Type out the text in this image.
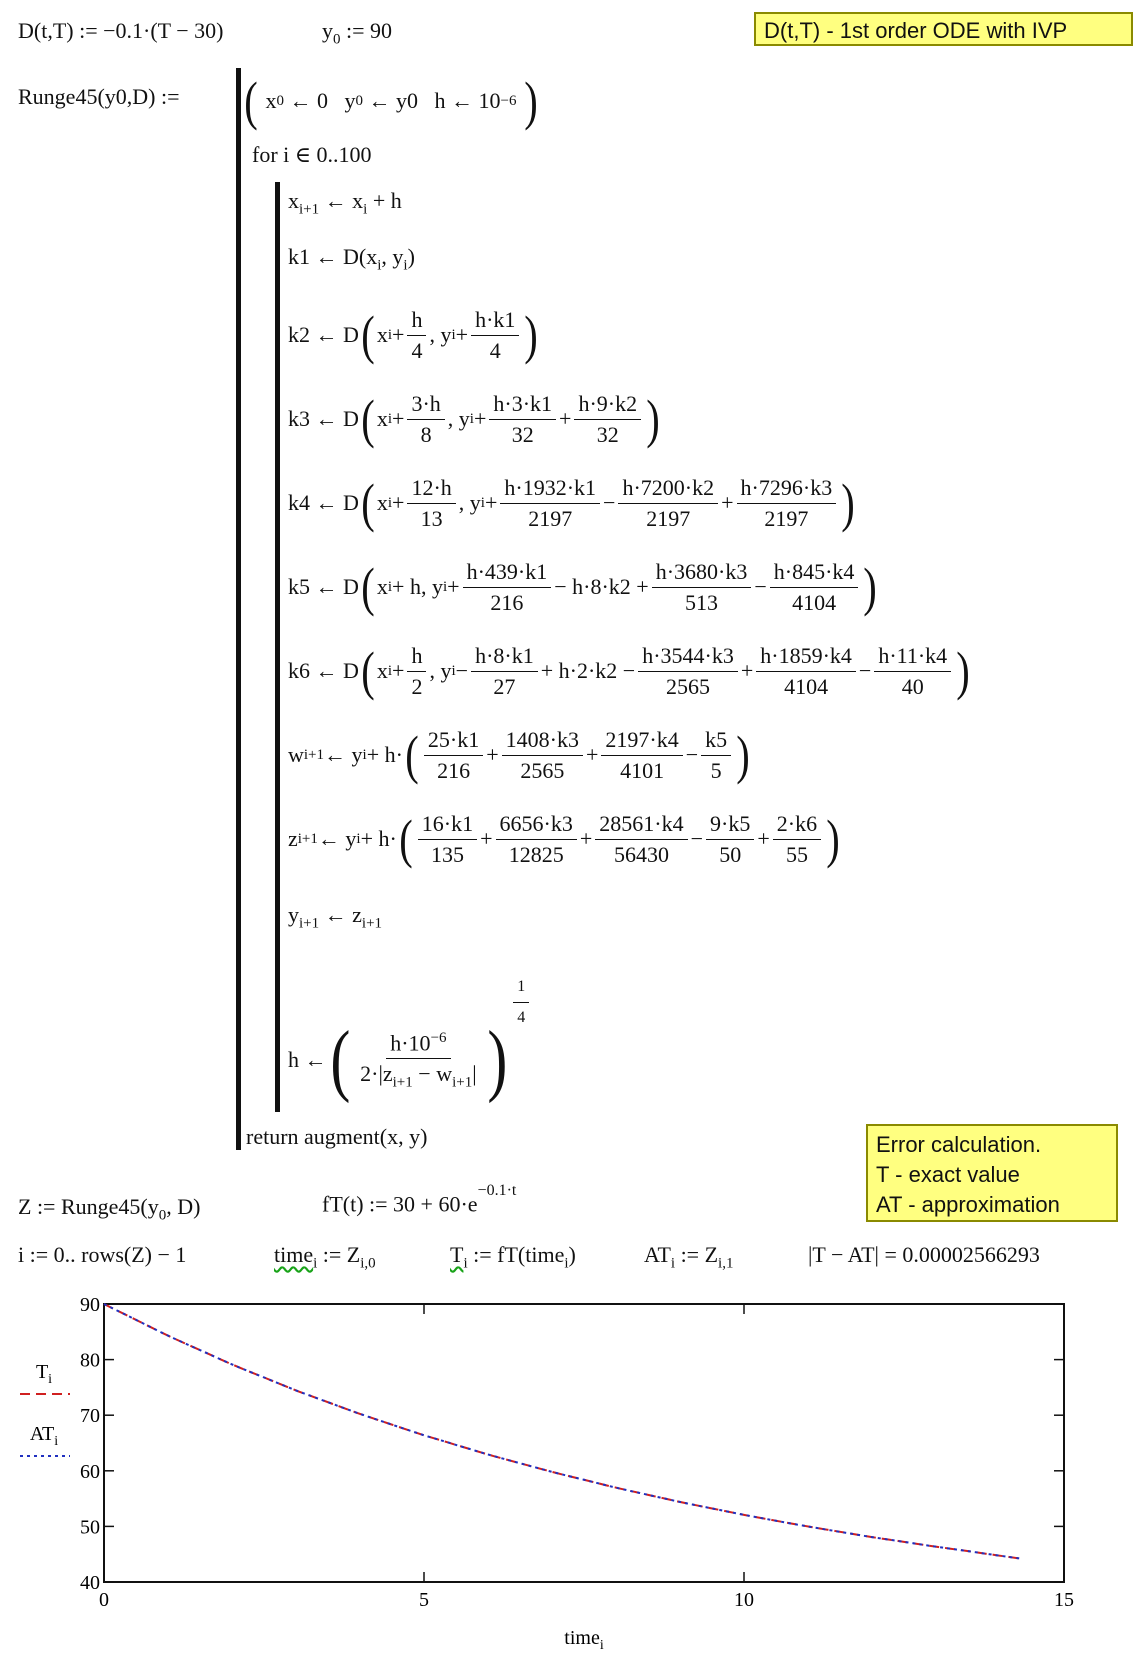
D(t,T) := −0.1·(T − 30)	$y_0$ := 90	D(t,T) - 1st order ODE with IVP
Runge45(y0,D) := ( x 0 ← 0   y 0 ← y0   h ← 10 −6
)
for i ∈ 0..100
$x_{i+1}$ ← $x_i + h$
k1 ← $D(x_i$, $y_i$)
k2 ← D ( x $i + \frac{h}{4}$ , y $i + \frac{h\cdot k1}{4}$ )
k3 ← D ( x $i + \frac{3\cdot h}{8}$ , y $i + \frac{h\cdot 3\cdot k1}{32} + \frac{h\cdot 9\cdot k2}{32}$ )
k4 ← D ( x $i + \frac{12\cdot h}{13}$ , y $i + \frac{h\cdot 1932\cdot k1}{2197} - \frac{h\cdot 7200\cdot k2}{2197} + \frac{h\cdot 7296\cdot k3}{2197}$ )
k5 ← D ( x i + h, y $i + \frac{h\cdot 439\cdot k1}{216} - h\cdot 8\cdot k2 + \frac{h\cdot 3680\cdot k3}{513} - \frac{h\cdot 845\cdot k4}{4104}$ )
k6 ← D ( x $i + \frac{h}{2}$ , y $i - \frac{h\cdot 8\cdot k1}{27} + h\cdot 2\cdot k2 - \frac{h\cdot 3544\cdot k3}{2565} + \frac{h\cdot 1859\cdot k4}{4104} - \frac{h\cdot 11\cdot k4}{40}$ )
w i+1 ← y i + h· ( $\frac{25\cdot k1}{216} + \frac{1408\cdot k3}{2565} + \frac{2197\cdot k4}{4101} - \frac{k5}{5}$ )
z i+1 ← y i + h· ( $\frac{16\cdot k1}{135} + \frac{6656\cdot k3}{12825} + \frac{28561\cdot k4}{56430} - \frac{9\cdot k5}{50} + \frac{2\cdot k6}{55}$ )
$y_{i+1}$ ← $z_{i+1}$
h ← ( $\frac{h\cdot 10^{-6}}{2\cdot|z_{i+1} - w_{i+1}|}$ )
$\frac{1}{4}$
return augment(x, y)	Error calculation.
T - exact value
AT - approximation
Z := $Runge45(y_0$, D)	fT(t) := $30 + 60\cdot e^{-0.1\cdot t}$
i := 0.. rows(Z) − 1	time$_i$ := $Z_{i,0}$	$T_i$ := fT(time$_i$)	$AT_i$ := $Z_{i,1}$	|T − AT| = 0.00002566293
0	5	10	15
40
50
60
70
80
90
$T_i$
$AT_i$
time$_i$
